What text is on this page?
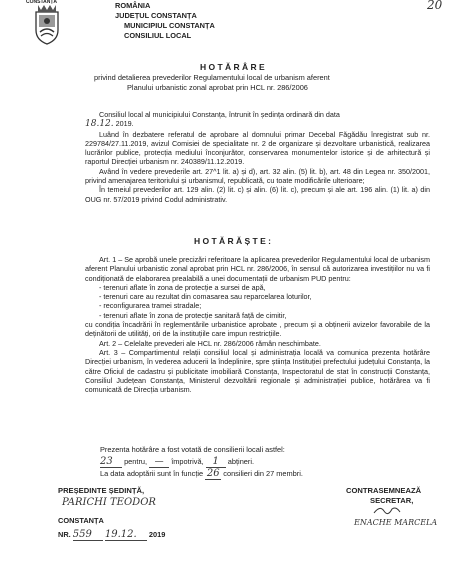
CONSTANȚA	ROMÂNIA
JUDEȚUL CONSTANȚA
MUNICIPIUL CONSTANȚA
CONSILIUL LOCAL
20
H O T Ă R Â R E
privind detalierea prevederilor Regulamentului local de urbanism aferent
Planului urbanistic zonal aprobat prin HCL nr. 286/2006

Consiliul local al municipiului Constanța, întrunit în ședința ordinară din data

18.12. 2019.

Luând în dezbatere referatul de aprobare al domnului primar Decebal Făgădău înregistrat sub nr. 229784/27.11.2019, avizul Comisiei de specialitate nr. 2 de organizare și dezvoltare urbanistică, realizarea lucrărilor publice, protecția mediului înconjurător, conservarea monumentelor istorice și de arhitectură și raportul Direcției urbanism nr. 240389/11.12.2019.

Având în vedere prevederile art. 27^1 lit. a) și d), art. 32 alin. (5) lit. b), art. 48 din Legea nr. 350/2001, privind amenajarea teritoriului și urbanismul, republicată, cu toate modificările ulterioare;

În temeiul prevederilor art. 129 alin. (2) lit. c) și alin. (6) lit. c), precum și ale art. 196 alin. (1) lit. a) din OUG nr. 57/2019 privind Codul administrativ.

H O T Ă R Ă Ș T E :

Art. 1 – Se aprobă unele precizări referitoare la aplicarea prevederilor Regulamentului local de urbanism aferent Planului urbanistic zonal aprobat prin HCL nr. 286/2006, în sensul că autorizarea investițiilor nu va fi condiționată de elaborarea prealabilă a unei documentații de urbanism PUD pentru:

- terenuri aflate în zona de protecție a sursei de apă,

- terenuri care au rezultat din comasarea sau reparcelarea loturilor,

- reconfigurarea tramei stradale;

- terenuri aflate în zona de protecție sanitară față de cimitir,

cu condiția încadrării în reglementările urbanistice aprobate , precum și a obținerii avizelor favorabile de la deținătorii de utilități, ori de la instituțiile care impun restricțiile.

Art. 2 – Celelalte prevederi ale HCL nr. 286/2006 rămân neschimbate.

Art. 3 – Compartimentul relații consiliul local și administrația locală va comunica prezenta hotărâre Direcției urbanism, în vederea aducerii la îndeplinire, spre știința Instituției prefectului județului Constanța, la către Oficiul de cadastru și publicitate imobiliară Constanța, Inspectoratul de stat în construcții Constanța, Consiliul Județean Constanța, Ministerul dezvoltării regionale și administrației publice, hotărârea va fi comunicată de Direcția urbanism.

Prezenta hotărâre a fost votată de consilierii locali astfel:
23 pentru, — împotrivă, 1 abțineri.
La data adoptării sunt în funcție 26 consilieri din 27 membri.
PREȘEDINTE ȘEDINȚĂ,
PARICHI TEODOR
CONTRASEMNEAZĂ
SECRETAR,
ENACHE MARCELA
CONSTANȚA
NR. 559 19.12. 2019
